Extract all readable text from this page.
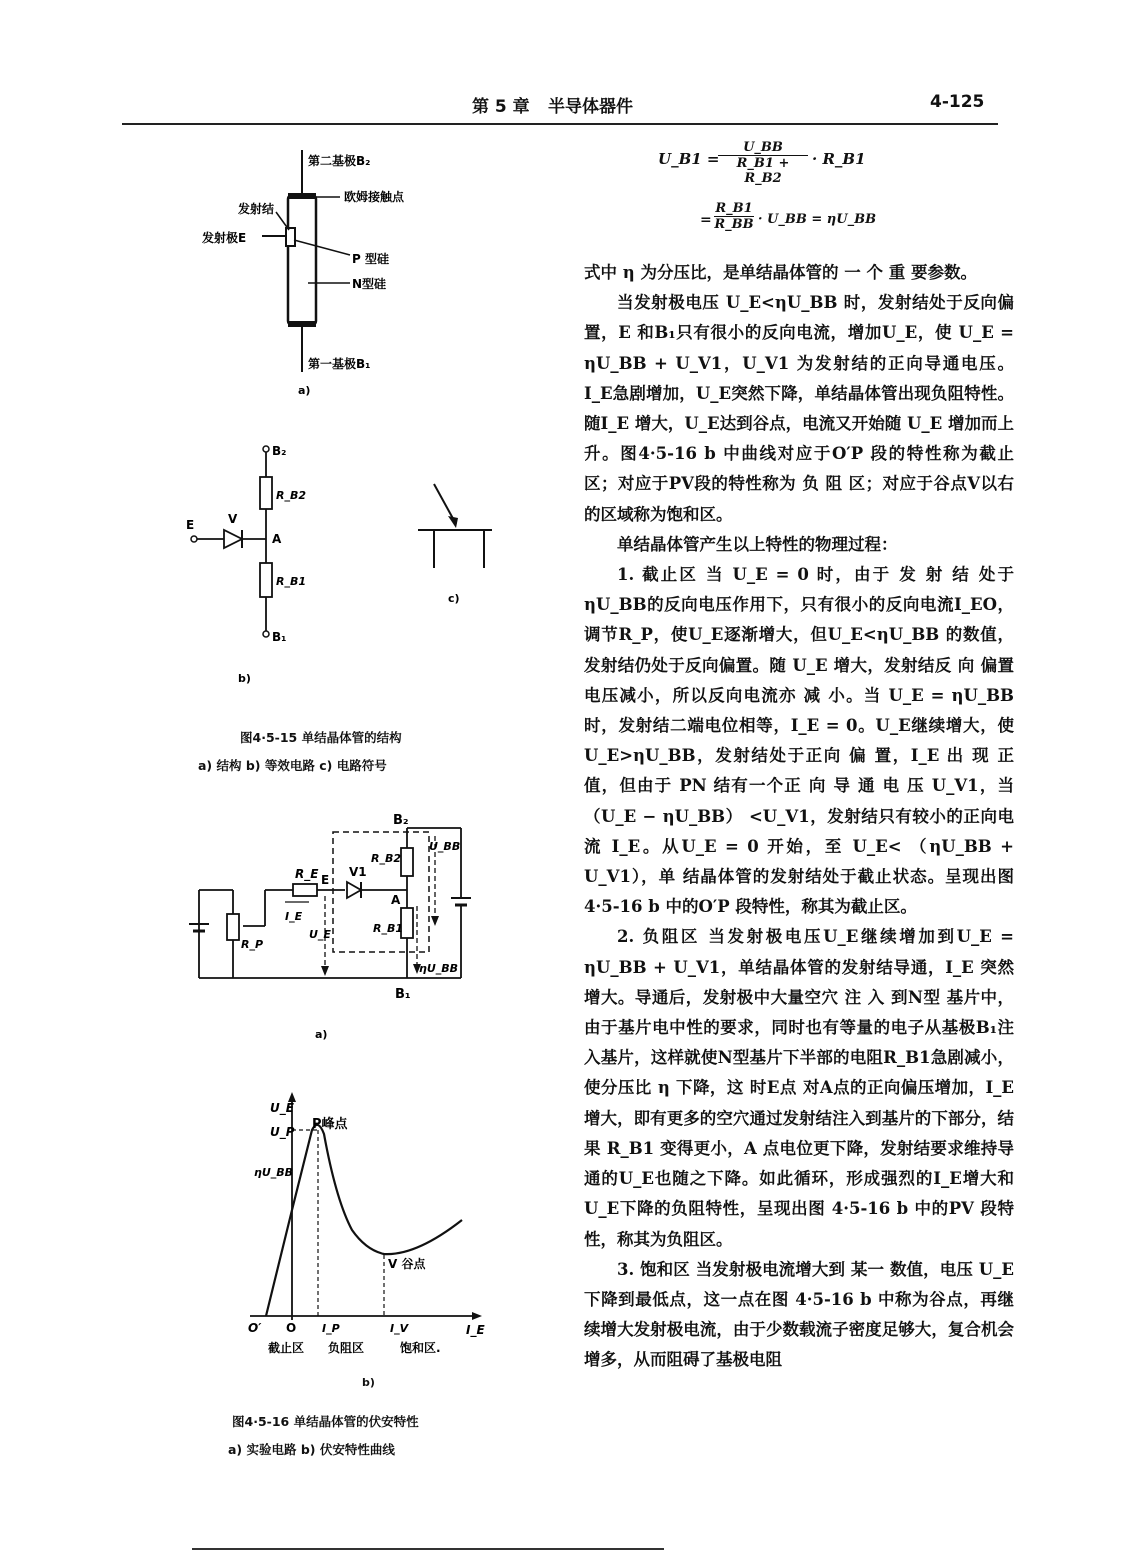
第 5 章 半导体器件	4-125
U_B1 =
$\frac{U\_BB}{R\_B1 + R\_B2}$ · R_B1
= $\frac{R\_B1}{R\_BB}$ · U_BB = ηU_BB

式中 η 为分压比，是单结晶体管的 一 个 重 要参数。

当发射极电压 U_E<ηU_BB 时，发射结处于反向偏置，E 和B₁只有很小的反向电流，增加U_E，使 U_E = ηU_BB + U_V1，U_V1 为发射结的正向导通电压。I_E急剧增加，U_E突然下降，单结晶体管出现负阻特性。随I_E 增大，U_E达到谷点，电流又开始随 U_E 增加而上升。图4·5-16 b 中曲线对应于O′P 段的特性称为截止区；对应于PV段的特性称为 负 阻 区；对应于谷点V以右的区域称为饱和区。

单结晶体管产生以上特性的物理过程：

1. 截止区 当 U_E = 0 时，由于 发 射 结 处于 ηU_BB的反向电压作用下，只有很小的反向电流I_EO，调节R_P，使U_E逐渐增大，但U_E<ηU_BB 的数值，发射结仍处于反向偏置。随 U_E 增大，发射结反 向 偏置电压减小，所以反向电流亦 减 小。当 U_E = ηU_BB 时，发射结二端电位相等，I_E = 0。U_E继续增大，使 U_E>ηU_BB，发射结处于正向 偏 置，I_E 出 现 正值，但由于 PN 结有一个正 向 导 通 电 压 U_V1，当 （U_E − ηU_BB） <U_V1，发射结只有较小的正向电流 I_E。从U_E = 0 开始，至 U_E< （ηU_BB + U_V1），单 结晶体管的发射结处于截止状态。呈现出图4·5-16 b 中的O′P 段特性，称其为截止区。

2. 负阻区 当发射极电压U_E继续增加到U_E = ηU_BB + U_V1，单结晶体管的发射结导通，I_E 突然增大。导通后，发射极中大量空穴 注 入 到N型 基片中，由于基片电中性的要求，同时也有等量的电子从基极B₁注入基片，这样就使N型基片下半部的电阻R_B1急剧减小，使分压比 η 下降，这 时E点 对A点的正向偏压增加，I_E增大，即有更多的空穴通过发射结注入到基片的下部分，结果 R_B1 变得更小，A 点电位更下降，发射结要求维持导通的U_E也随之下降。如此循环，形成强烈的I_E增大和U_E下降的负阻特性，呈现出图 4·5-16 b 中的PV 段特 性，称其为负阻区。

3. 饱和区 当发射极电流增大到 某一 数值，电压 U_E 下降到最低点，这一点在图 4·5-16 b 中称为谷点，再继续增大发射极电流，由于少数载流子密度足够大，复合机会增多，从而阻碍了基极电阻

第二基极B₂
欧姆接触点
发射结
发射极E
P 型硅
N型硅
第一基极B₁
a)
B₂
R_B2
E	V
A
R_B1
B₁
b)
c)
图4·5-15 单结晶体管的结构
a) 结构 b) 等效电路 c) 电路符号
B₂
U_BB
R_E E
V1
R_B2
I_E
A
U_E	R_B1
R_P
ηU_BB
B₁
a)
U_E
U_P P峰点
ηU_BB
V 谷点
O′ O I_P	I_V	I_E
截止区 负阻区	饱和区.
b)
图4·5-16 单结晶体管的伏安特性
a) 实验电路 b) 伏安特性曲线
